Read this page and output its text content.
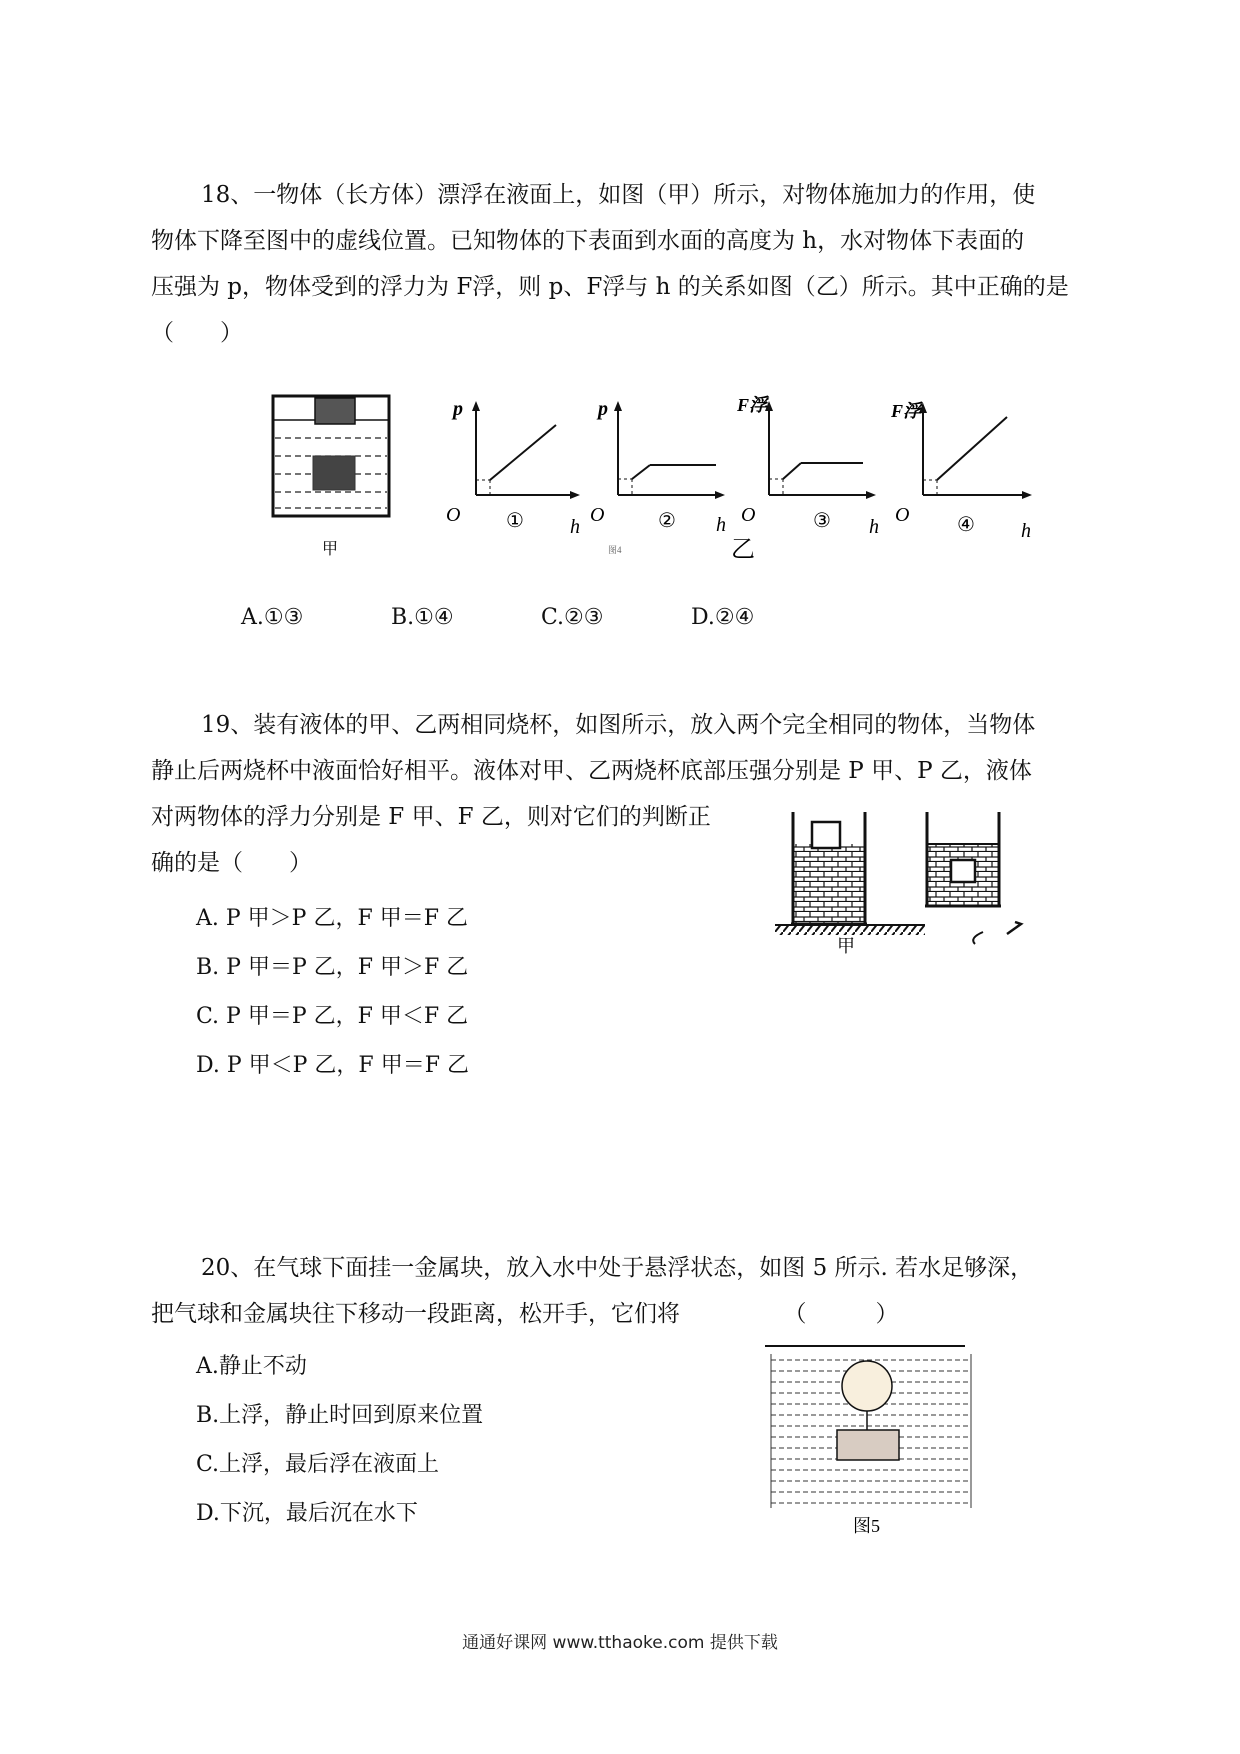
18、一物体（长方体）漂浮在液面上，如图（甲）所示，对物体施加力的作用，使
物体下降至图中的虚线位置。已知物体的下表面到水面的高度为 h，水对物体下表面的
压强为 p，物体受到的浮力为 F浮，则 p、F浮与 h 的关系如图（乙）所示。其中正确的是
（　　）
甲
p
O ① h
p
O	② h
图4
F浮
O	③ h
乙
F浮
O ④ h
A.①③	B.①④	C.②③	D.②④
19、装有液体的甲、乙两相同烧杯，如图所示，放入两个完全相同的物体，当物体
静止后两烧杯中液面恰好相平。液体对甲、乙两烧杯底部压强分别是 P 甲、P 乙，液体
对两物体的浮力分别是 F 甲、F 乙，则对它们的判断正
确的是（　　）
甲
A. P 甲＞P 乙，F 甲＝F 乙
B. P 甲＝P 乙，F 甲＞F 乙
C. P 甲＝P 乙，F 甲＜F 乙
D. P 甲＜P 乙，F 甲＝F 乙
20、在气球下面挂一金属块，放入水中处于悬浮状态，如图 5 所示. 若水足够深，
把气球和金属块往下移动一段距离，松开手，它们将　　　　　（　　　）
图5
A.静止不动
B.上浮，静止时回到原来位置
C.上浮，最后浮在液面上
D.下沉，最后沉在水下
通通好课网 www.tthaoke.com 提供下载
